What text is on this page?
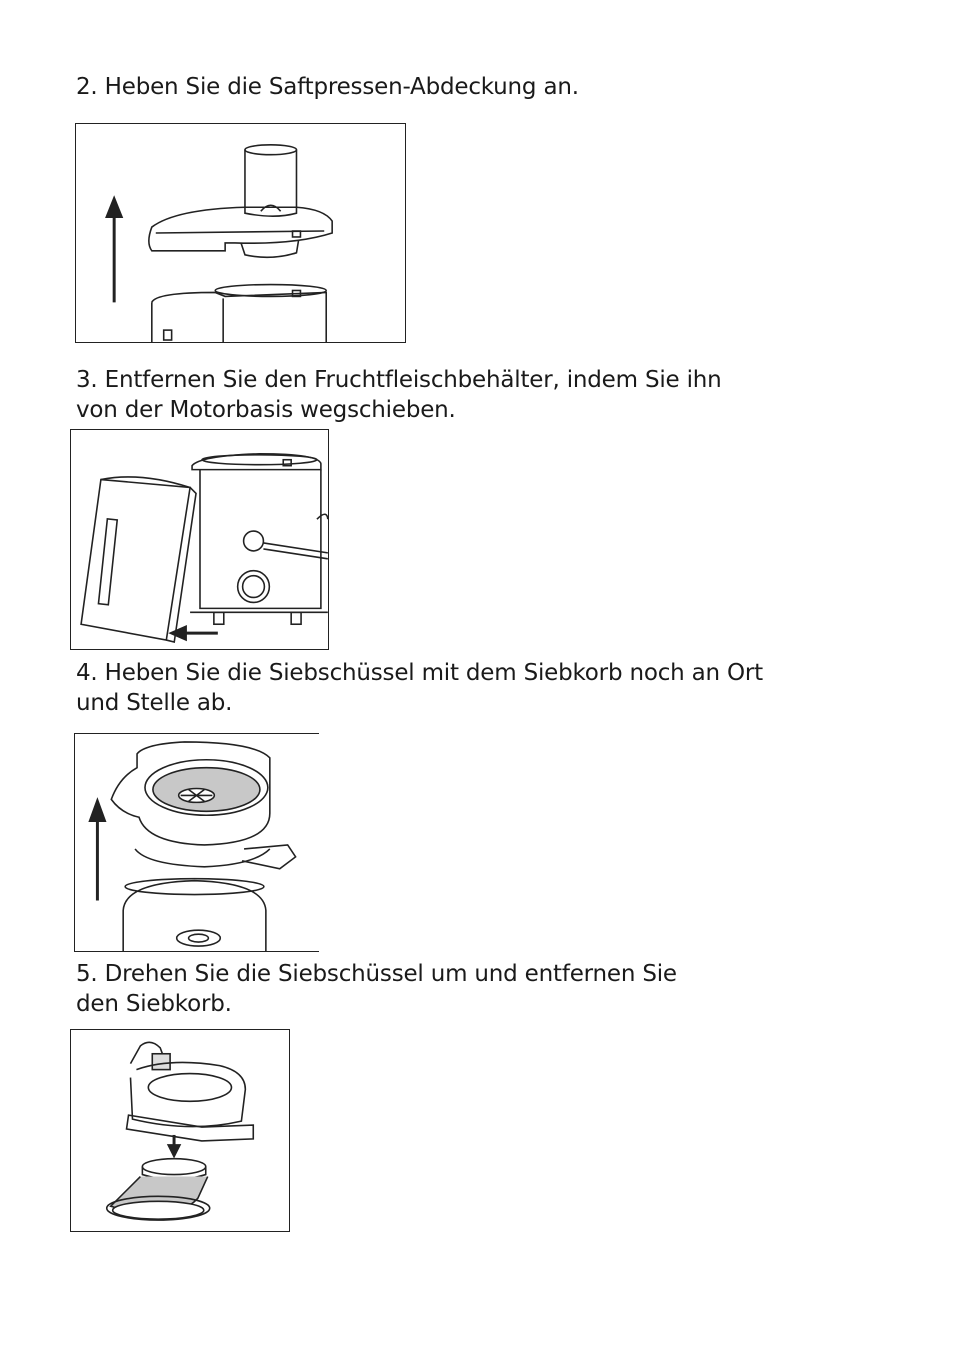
2. Heben Sie die Saftpressen-Abdeckung an.

3. Entfernen Sie den Fruchtfleischbehälter, indem Sie ihn von der Motorbasis wegschieben.

4. Heben Sie die Siebschüssel mit dem Siebkorb noch an Ort und Stelle ab.

5. Drehen Sie die Siebschüssel um und entfernen Sie den Siebkorb.
